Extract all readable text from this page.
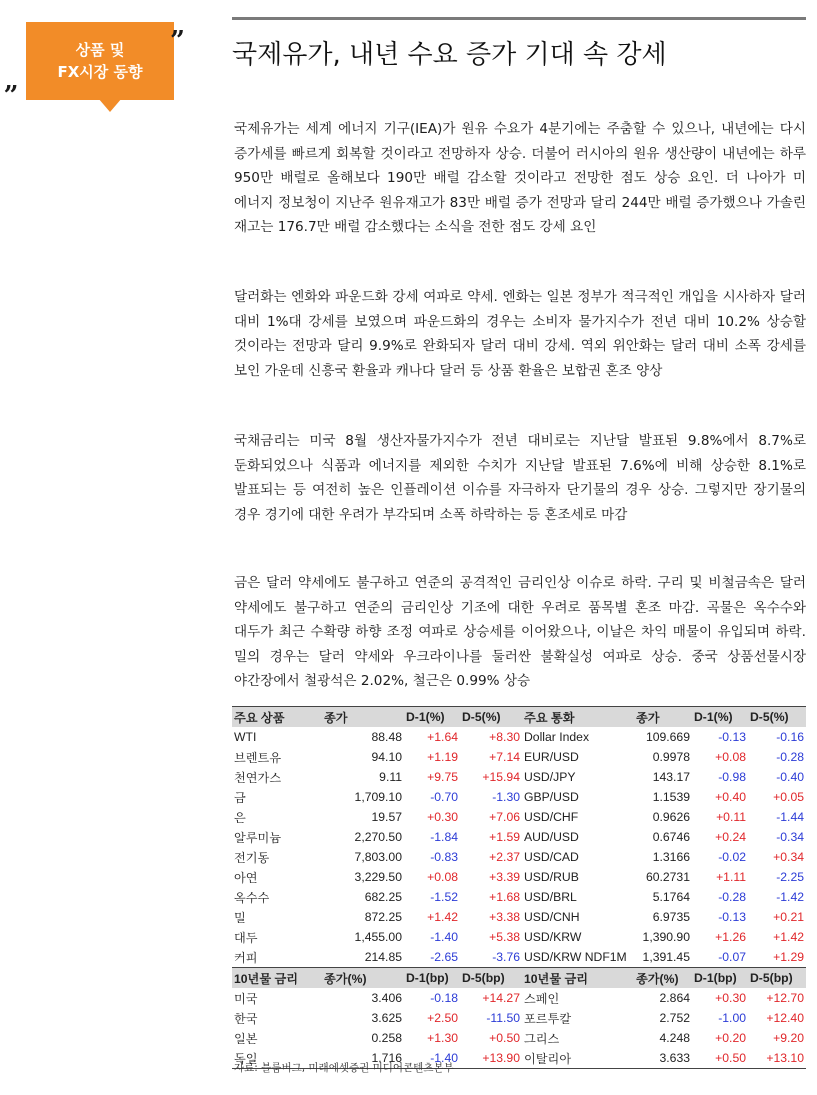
상품 및
FX시장 동향
„
” 국제유가, 내년 수요 증가 기대 속 강세
국제유가는 세계 에너지 기구(IEA)가 원유 수요가 4분기에는 주춤할 수 있으나, 내년에는 다시 증가세를 빠르게 회복할 것이라고 전망하자 상승. 더불어 러시아의 원유 생산량이 내년에는 하루 950만 배럴로 올해보다 190만 배럴 감소할 것이라고 전망한 점도 상승 요인. 더 나아가 미 에너지 정보청이 지난주 원유재고가 83만 배럴 증가 전망과 달리 244만 배럴 증가했으나 가솔린 재고는 176.7만 배럴 감소했다는 소식을 전한 점도 강세 요인
달러화는 엔화와 파운드화 강세 여파로 약세. 엔화는 일본 정부가 적극적인 개입을 시사하자 달러 대비 1%대 강세를 보였으며 파운드화의 경우는 소비자 물가지수가 전년 대비 10.2% 상승할 것이라는 전망과 달리 9.9%로 완화되자 달러 대비 강세. 역외 위안화는 달러 대비 소폭 강세를 보인 가운데 신흥국 환율과 캐나다 달러 등 상품 환율은 보합권 혼조 양상
국채금리는 미국 8월 생산자물가지수가 전년 대비로는 지난달 발표된 9.8%에서 8.7%로 둔화되었으나 식품과 에너지를 제외한 수치가 지난달 발표된 7.6%에 비해 상승한 8.1%로 발표되는 등 여전히 높은 인플레이션 이슈를 자극하자 단기물의 경우 상승. 그렇지만 장기물의 경우 경기에 대한 우려가 부각되며 소폭 하락하는 등 혼조세로 마감
금은 달러 약세에도 불구하고 연준의 공격적인 금리인상 이슈로 하락. 구리 및 비철금속은 달러 약세에도 불구하고 연준의 금리인상 기조에 대한 우려로 품목별 혼조 마감. 곡물은 옥수수와 대두가 최근 수확량 하향 조정 여파로 상승세를 이어왔으나, 이날은 차익 매물이 유입되며 하락. 밀의 경우는 달러 약세와 우크라이나를 둘러싼 불확실성 여파로 상승. 중국 상품선물시장 야간장에서 철광석은 2.02%, 철근은 0.99% 상승
주요 상품	종가	D-1(%)	D-5(%)	주요 통화	종가	D-1(%)	D-5(%)
WTI	88.48	+1.64	+8.30	Dollar Index	109.669	-0.13	-0.16
브렌트유	94.10	+1.19	+7.14	EUR/USD	0.9978	+0.08	-0.28
천연가스	9.11	+9.75	+15.94	USD/JPY	143.17	-0.98	-0.40
금	1,709.10	-0.70	-1.30	GBP/USD	1.1539	+0.40	+0.05
은	19.57	+0.30	+7.06	USD/CHF	0.9626	+0.11	-1.44
알루미늄	2,270.50	-1.84	+1.59	AUD/USD	0.6746	+0.24	-0.34
전기동	7,803.00	-0.83	+2.37	USD/CAD	1.3166	-0.02	+0.34
아연	3,229.50	+0.08	+3.39	USD/RUB	60.2731	+1.11	-2.25
옥수수	682.25	-1.52	+1.68	USD/BRL	5.1764	-0.28	-1.42
밀	872.25	+1.42	+3.38	USD/CNH	6.9735	-0.13	+0.21
대두	1,455.00	-1.40	+5.38	USD/KRW	1,390.90	+1.26	+1.42
커피	214.85	-2.65	-3.76	USD/KRW NDF1M	1,391.45	-0.07	+1.29
10년물 금리	종가(%)	D-1(bp)	D-5(bp)	10년물 금리	종가(%)	D-1(bp)	D-5(bp)
미국	3.406	-0.18	+14.27	스페인	2.864	+0.30	+12.70
한국	3.625	+2.50	-11.50	포르투칼	2.752	-1.00	+12.40
일본	0.258	+1.30	+0.50	그리스	4.248	+0.20	+9.20
독일	1.716	-1.40	+13.90	이탈리아	3.633	+0.50	+13.10
자료: 블룸버그, 미래에셋증권 미디어콘텐츠본부
